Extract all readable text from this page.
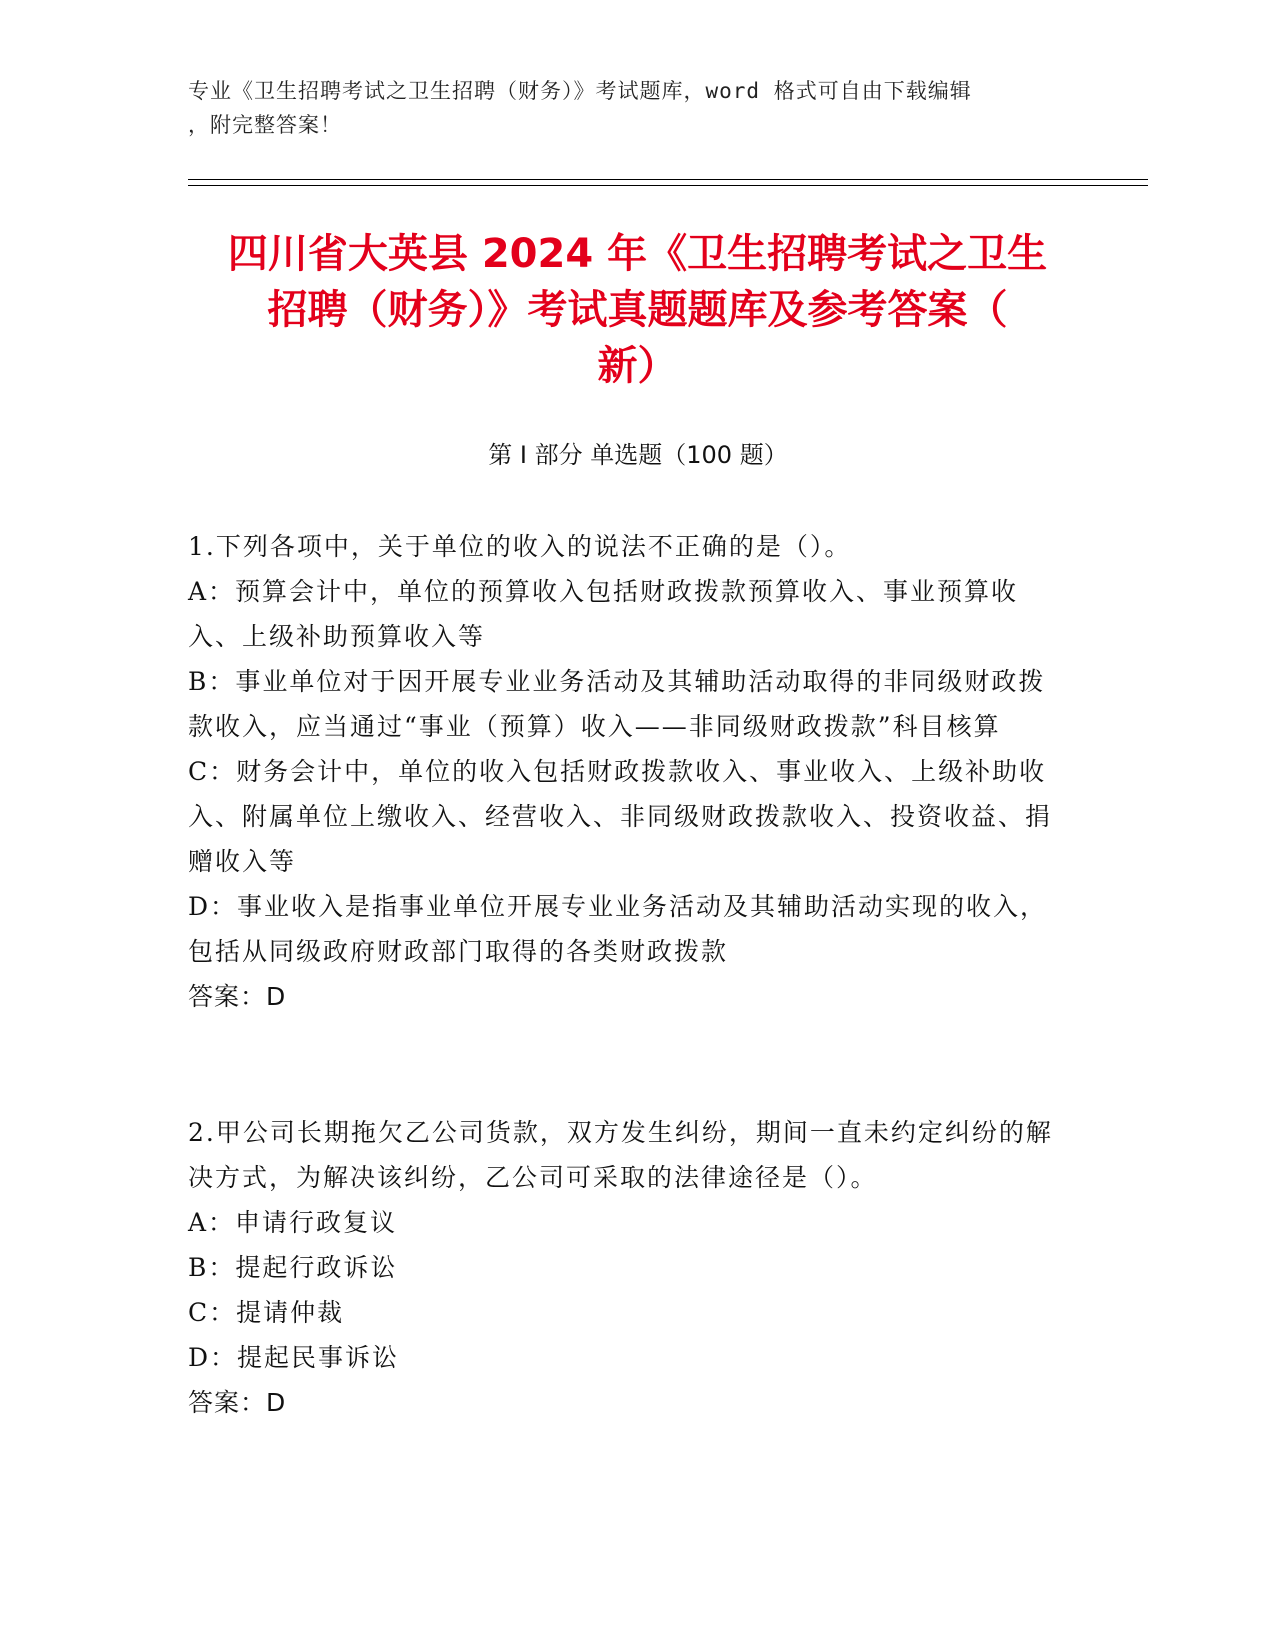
专业《卫生招聘考试之卫生招聘（财务）》考试题库，word 格式可自由下载编辑
，附完整答案！
四川省大英县 2024 年《卫生招聘考试之卫生
招聘（财务）》考试真题题库及参考答案（
新）
第 I 部分 单选题（100 题）

1.下列各项中，关于单位的收入的说法不正确的是（）。

A：预算会计中，单位的预算收入包括财政拨款预算收入、事业预算收入、上级补助预算收入等

B：事业单位对于因开展专业业务活动及其辅助活动取得的非同级财政拨款收入，应当通过“事业（预算）收入——非同级财政拨款”科目核算

C：财务会计中，单位的收入包括财政拨款收入、事业收入、上级补助收入、附属单位上缴收入、经营收入、非同级财政拨款收入、投资收益、捐赠收入等

D：事业收入是指事业单位开展专业业务活动及其辅助活动实现的收入，包括从同级政府财政部门取得的各类财政拨款

答案：D

2.甲公司长期拖欠乙公司货款，双方发生纠纷，期间一直未约定纠纷的解决方式，为解决该纠纷，乙公司可采取的法律途径是（）。

A：申请行政复议

B：提起行政诉讼

C：提请仲裁

D：提起民事诉讼

答案：D
